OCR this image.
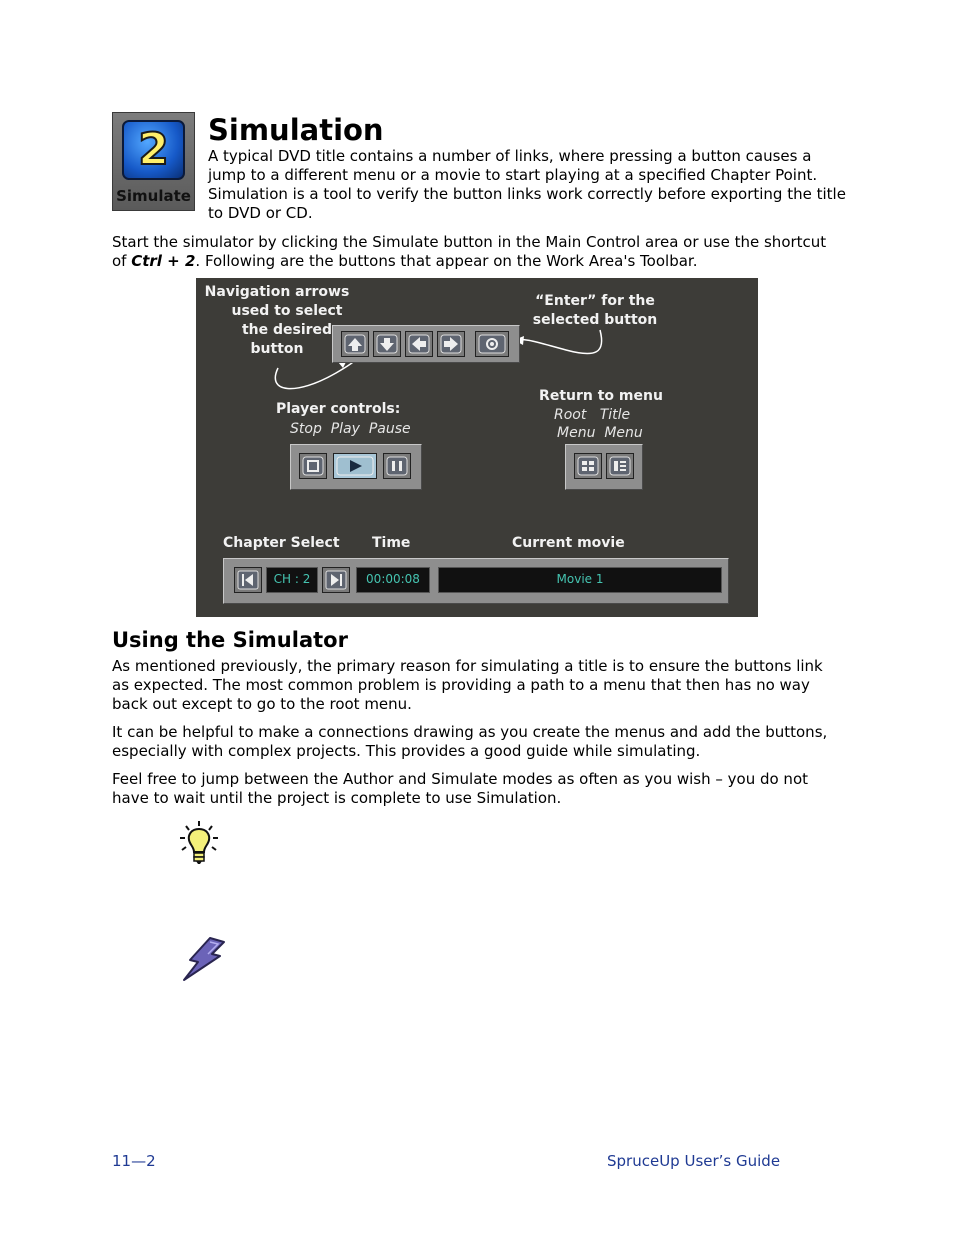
2
Simulate
Simulation

A typical DVD title contains a number of links, where pressing a button causes a jump to a different menu or a movie to start playing at a specified Chapter Point. Simulation is a tool to verify the button links work correctly before exporting the title to DVD or CD.

Start the simulator by clicking the Simulate button in the Main Control area or use the shortcut of Ctrl + 2. Following are the buttons that appear on the Work Area's Toolbar.

Navigation arrows
used to select
the desired
button
“Enter” for the
selected button
Player controls:
Stop  Play  Pause
Return to menu
Root   Title
Menu  Menu
Chapter Select Time	Current movie
CH : 2	00:00:08	Movie 1
Using the Simulator

As mentioned previously, the primary reason for simulating a title is to ensure the buttons link as expected. The most common problem is providing a path to a menu that then has no way back out except to go to the root menu.

It can be helpful to make a connections drawing as you create the menus and add the buttons, especially with complex projects. This provides a good guide while simulating.

Feel free to jump between the Author and Simulate modes as often as you wish – you do not have to wait until the project is complete to use Simulation.

11—2	SpruceUp User’s Guide
